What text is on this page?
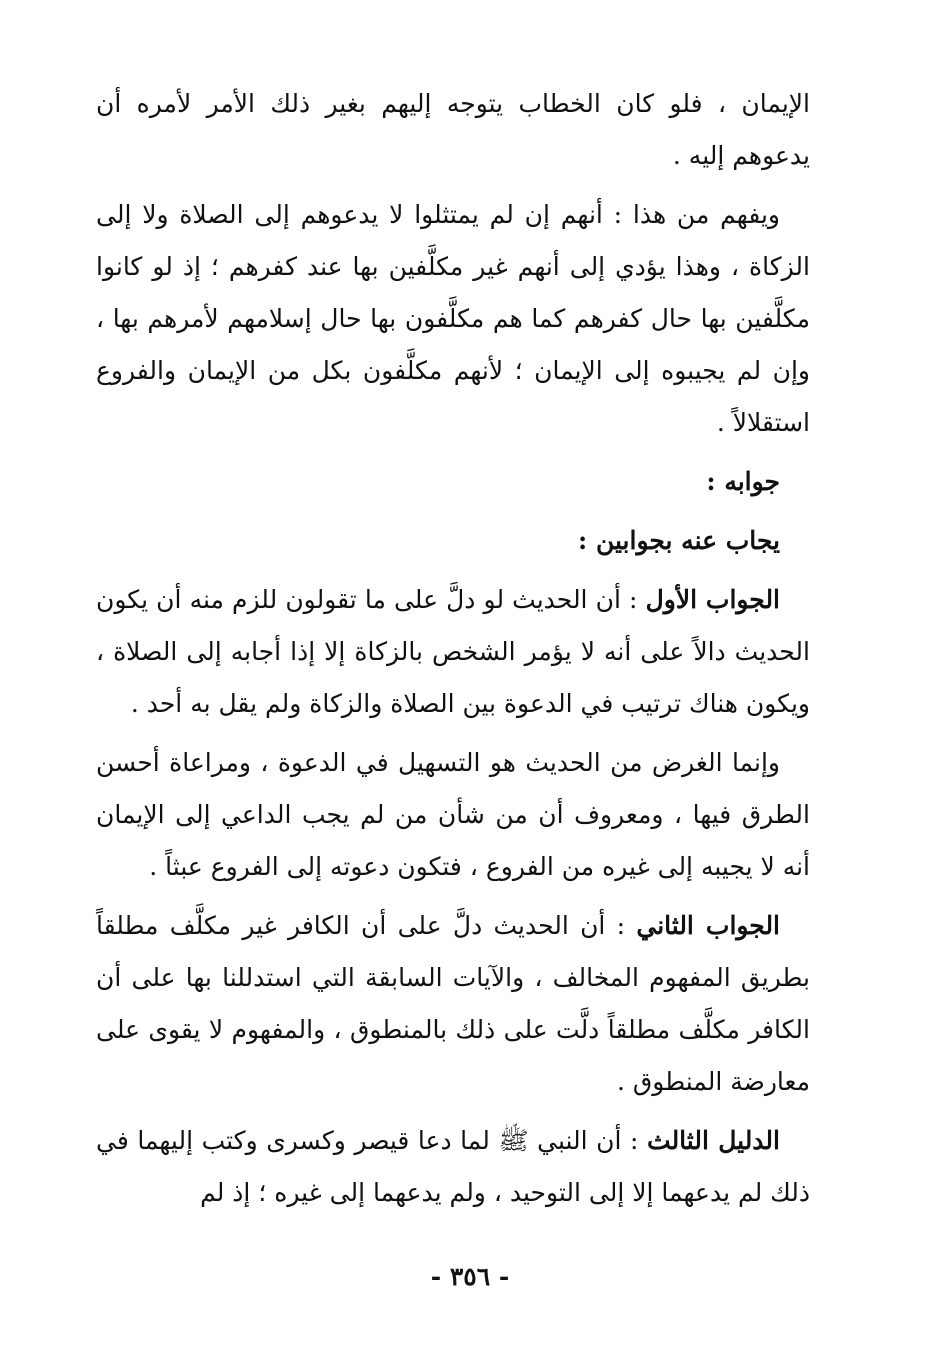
الإيمان ، فلو كان الخطاب يتوجه إليهم بغير ذلك الأمر لأمره أن يدعوهم إليه .

ويفهم من هذا : أنهم إن لم يمتثلوا لا يدعوهم إلى الصلاة ولا إلى الزكاة ، وهذا يؤدي إلى أنهم غير مكلَّفين بها عند كفرهم ؛ إذ لو كانوا مكلَّفين بها حال كفرهم كما هم مكلَّفون بها حال إسلامهم لأمرهم بها ، وإن لم يجيبوه إلى الإيمان ؛ لأنهم مكلَّفون بكل من الإيمان والفروع استقلالاً .

جوابه :

يجاب عنه بجوابين :

الجواب الأول : أن الحديث لو دلَّ على ما تقولون للزم منه أن يكون الحديث دالاً على أنه لا يؤمر الشخص بالزكاة إلا إذا أجابه إلى الصلاة ، ويكون هناك ترتيب في الدعوة بين الصلاة والزكاة ولم يقل به أحد .

وإنما الغرض من الحديث هو التسهيل في الدعوة ، ومراعاة أحسن الطرق فيها ، ومعروف أن من شأن من لم يجب الداعي إلى الإيمان أنه لا يجيبه إلى غيره من الفروع ، فتكون دعوته إلى الفروع عبثاً .

الجواب الثاني : أن الحديث دلَّ على أن الكافر غير مكلَّف مطلقاً بطريق المفهوم المخالف ، والآيات السابقة التي استدللنا بها على أن الكافر مكلَّف مطلقاً دلَّت على ذلك بالمنطوق ، والمفهوم لا يقوى على معارضة المنطوق .

الدليل الثالث : أن النبي ﷺ لما دعا قيصر وكسرى وكتب إليهما في ذلك لم يدعهما إلا إلى التوحيد ، ولم يدعهما إلى غيره ؛ إذ لم

- ٣٥٦ -
